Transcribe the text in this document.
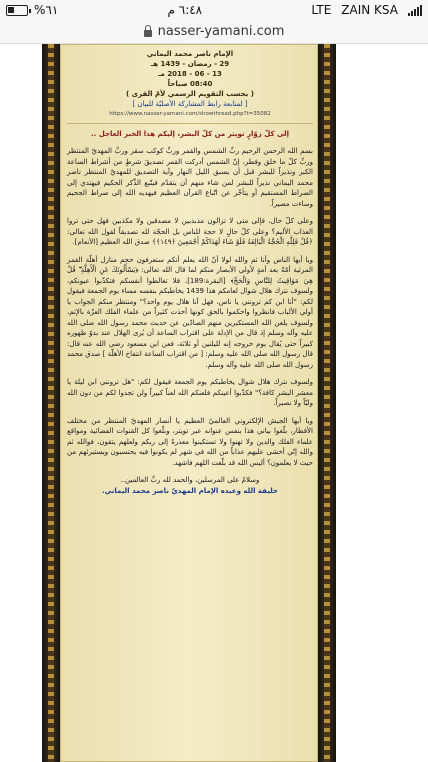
%٦١	٦:٤٨ م	LTE ZAIN KSA
nasser-yamani.com
الإمام ناصر محمد اليماني
29 - رمضان - 1439 هـ
13 - 06 - 2018 مـ
08:40 صباحاً
( بحسب التقويم الرسمي لأمّ القرى )
[ لمتابعة رابط المشاركة الأصليّة للبيان ]
https://www.nasser-yamani.com/showthread.php?t=35082
إلى كلّ زوّارٍ تويتر من كلّ البشر، إليكم هذا الخبر العاجل ..

بسم الله الرحمن الرحيم ربِّ الشمس والقمر وربِّ كوكب سقر وربِّ المهديّ المنتظر وربِّ كلّ ما خلق وفطر، إنّ الشمس أدركت القمر تصديقَ شرطٍ من أشراط الساعة الكبر ونذيراً للبشر قبل أن يسبق الليل النهار وآية التصديق للمهديّ المنتظر ناصر محمد اليماني نذيراً للبشر لمن شاء منهم أن يتقدّم فيتّبع الذِّكر الحكيم فيهتدي إلى الصراط المستقيم أو يتأخّر عن اتّباع القرآن العظيم فيهديه الله إلى صراط الجحيم وساءت مصيراً.

وعلى كلّ حال، فإلى متى لا تزالون مذبذبين لا مصدقين ولا مكذبين فهل حتى تروا العذاب الأليم؟ وعلى كلّ حالٍ لا حجة للناس بل الحجّة لله تصديقاً لقول الله تعالى: ﴿قُلْ فَلِلَّهِ الْحُجَّةُ الْبَالِغَةُ فَلَوْ شَاءَ لَهَدَاكُمْ أَجْمَعِينَ ﴿١٤٩﴾﴾ صدق الله العظيم [الأنعام].

ويا أيها الناس وأنا ثم والله لولا أنّ الله يعلم أنكم ستعرفون حجم منازل أهلّة القمر المرئية أمّةً بعد أمةٍ لأولي الأبصار منكم لما قال الله تعالى: ﴿يَسْأَلُونَكَ عَنِ الْأَهِلَّةِ ۖ قُلْ هِيَ مَوَاقِيتُ لِلنَّاسِ وَالْحَجِّ﴾ [البقرة:189]، فلا تغالطوا أنفسكم فتكذّبوا عيونكم، ولسوف نترك هلال شوال لعامكم هذا 1439 يخاطبكم بنفسه مساء يوم الجمعة فيقول لكم: "أنا ابن كم ترونني يا ناس، فهل أنا هلال يوم واحد؟" ومنتظر منكم الجواب يا أولي الألباب فانظروا واحكموا بالحق كونها أخذت كثيراً من علماء الفلك العزّة بالإثم، ولسوف يلعن الله المستكبرين منهم الصادّين عن حديث محمد رسول الله صلى الله عليه وآله وسلم إذ قال من الإدلة على اقتراب الساعة أن يُرى الهلال عند بدوّ ظهوره كبيراً حتى يُقال يوم خروجه إنه لليلتين أو ثلاثة، فعن ابن مسعود رضي الله عنه قال: قال رسول الله صلى الله عليه وسلم: [ من اقتراب الساعة انتفاخ الأهلّة ] صدق محمد رسول الله صلى الله عليه وآله وسلم.

ولسوف نترك هلال شوال يخاطبكم يوم الجمعة فيقول لكم: "هل ترونني ابن ليلة يا معشر البشر كافة؟" فكذّبوا أعينكم فلعنكم الله لعناً كبيراً ولن تجدوا لكم من دون الله وليّاً ولا نصيراً.

ويا أيها الجيش الإلكتروني العالميّ العظيم يا أنصار المهديّ المنتظر من مختلف الأقطار، بلّغوا بياني هذا بنفس عنوانه عبر تويتر، وبلّغوا كل القنوات الفضائية ومواقع علماء الفلك والدين ولا تهنوا ولا تستكينوا معذرةً إلى ربكم ولعلهم يتقون، فوالله ثم والله إنّي أخشى عليهم عذاباً من الله في شهر لم يكونوا فيه يحتسبون ويستبرئهم من حيث لا يعلمون؟ أليس الله قد بلّغت اللهم فاشهد.

وسلامٌ على المرسلين، والحمد لله ربِّ العالمين..
خليفة الله وعبده الإمام المهديّ ناصر محمد اليماني.
